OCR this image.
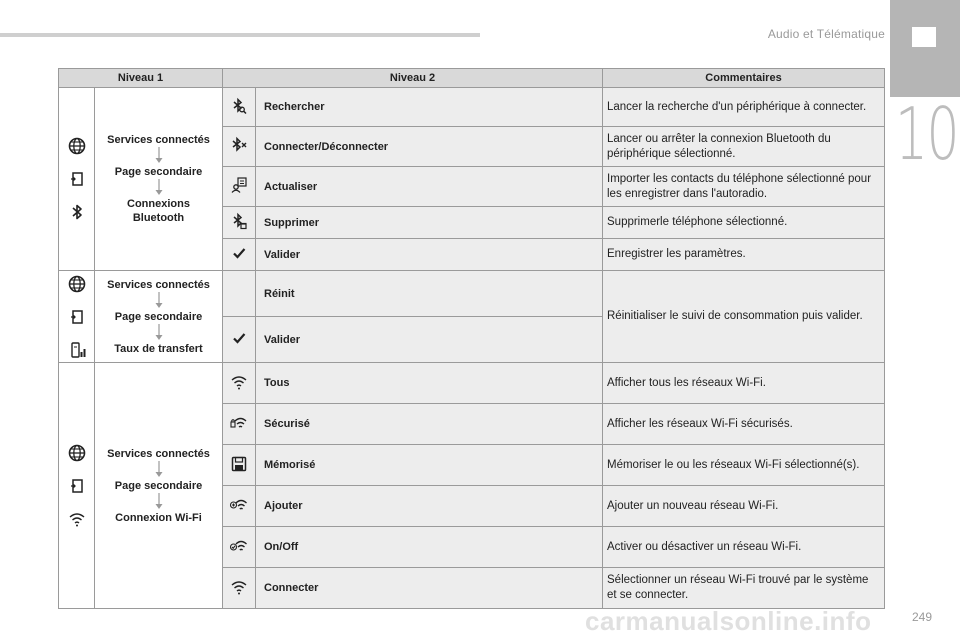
Audio et Télématique
10
Niveau 1		Niveau 2		Commentaires

Services connectés
Page secondaire
Connexions Bluetooth		Rechercher	Lancer la recherche d'un périphérique à connecter.
	Connecter/Déconnecter	Lancer ou arrêter la connexion Bluetooth du périphérique sélectionné.
	Actualiser	Importer les contacts du téléphone sélectionné pour les enregistrer dans l'autoradio.
	Supprimer	Supprimerle téléphone sélectionné.
	Valider	Enregistrer les paramètres.

Services connectés
Page secondaire
Taux de transfert		Réinit	Réinitialiser le suivi de consommation puis valider.
	Valider	

Services connectés
Page secondaire
Connexion Wi-Fi		Tous	Afficher tous les réseaux Wi-Fi.
	Sécurisé	Afficher les réseaux Wi-Fi sécurisés.
	Mémorisé	Mémoriser le ou les réseaux Wi-Fi sélectionné(s).
	Ajouter	Ajouter un nouveau réseau Wi-Fi.
	On/Off	Activer ou désactiver un réseau Wi-Fi.
	Connecter	Sélectionner un réseau Wi-Fi trouvé par le système et se connecter.
carmanualsonline.info	249
